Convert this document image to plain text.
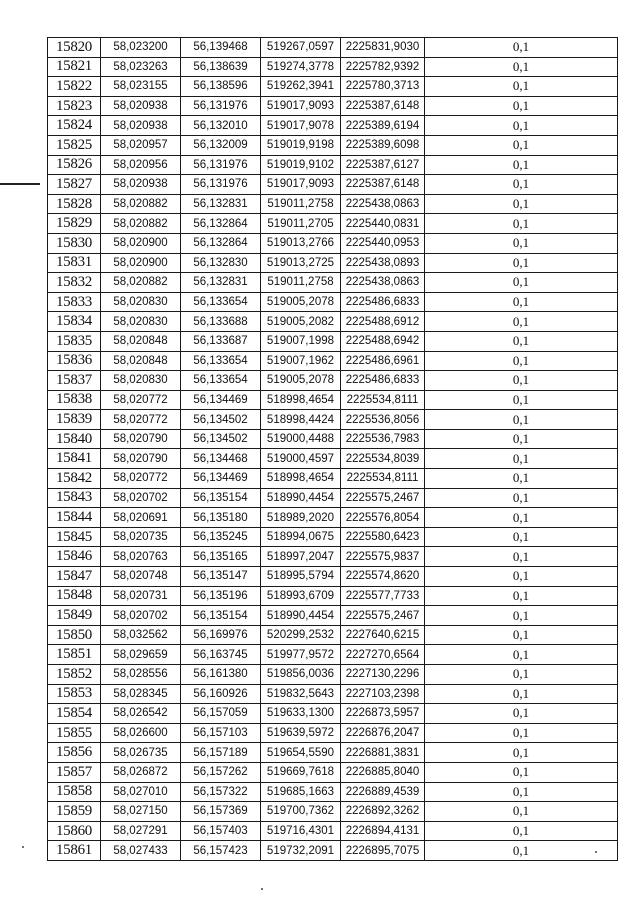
15820	58,023200	56,139468	519267,0597	2225831,9030	0,1
15821	58,023263	56,138639	519274,3778	2225782,9392	0,1
15822	58,023155	56,138596	519262,3941	2225780,3713	0,1
15823	58,020938	56,131976	519017,9093	2225387,6148	0,1
15824	58,020938	56,132010	519017,9078	2225389,6194	0,1
15825	58,020957	56,132009	519019,9198	2225389,6098	0,1
15826	58,020956	56,131976	519019,9102	2225387,6127	0,1
15827	58,020938	56,131976	519017,9093	2225387,6148	0,1
15828	58,020882	56,132831	519011,2758	2225438,0863	0,1
15829	58,020882	56,132864	519011,2705	2225440,0831	0,1
15830	58,020900	56,132864	519013,2766	2225440,0953	0,1
15831	58,020900	56,132830	519013,2725	2225438,0893	0,1
15832	58,020882	56,132831	519011,2758	2225438,0863	0,1
15833	58,020830	56,133654	519005,2078	2225486,6833	0,1
15834	58,020830	56,133688	519005,2082	2225488,6912	0,1
15835	58,020848	56,133687	519007,1998	2225488,6942	0,1
15836	58,020848	56,133654	519007,1962	2225486,6961	0,1
15837	58,020830	56,133654	519005,2078	2225486,6833	0,1
15838	58,020772	56,134469	518998,4654	2225534,8111	0,1
15839	58,020772	56,134502	518998,4424	2225536,8056	0,1
15840	58,020790	56,134502	519000,4488	2225536,7983	0,1
15841	58,020790	56,134468	519000,4597	2225534,8039	0,1
15842	58,020772	56,134469	518998,4654	2225534,8111	0,1
15843	58,020702	56,135154	518990,4454	2225575,2467	0,1
15844	58,020691	56,135180	518989,2020	2225576,8054	0,1
15845	58,020735	56,135245	518994,0675	2225580,6423	0,1
15846	58,020763	56,135165	518997,2047	2225575,9837	0,1
15847	58,020748	56,135147	518995,5794	2225574,8620	0,1
15848	58,020731	56,135196	518993,6709	2225577,7733	0,1
15849	58,020702	56,135154	518990,4454	2225575,2467	0,1
15850	58,032562	56,169976	520299,2532	2227640,6215	0,1
15851	58,029659	56,163745	519977,9572	2227270,6564	0,1
15852	58,028556	56,161380	519856,0036	2227130,2296	0,1
15853	58,028345	56,160926	519832,5643	2227103,2398	0,1
15854	58,026542	56,157059	519633,1300	2226873,5957	0,1
15855	58,026600	56,157103	519639,5972	2226876,2047	0,1
15856	58,026735	56,157189	519654,5590	2226881,3831	0,1
15857	58,026872	56,157262	519669,7618	2226885,8040	0,1
15858	58,027010	56,157322	519685,1663	2226889,4539	0,1
15859	58,027150	56,157369	519700,7362	2226892,3262	0,1
15860	58,027291	56,157403	519716,4301	2226894,4131	0,1
15861	58,027433	56,157423	519732,2091	2226895,7075	0,1
